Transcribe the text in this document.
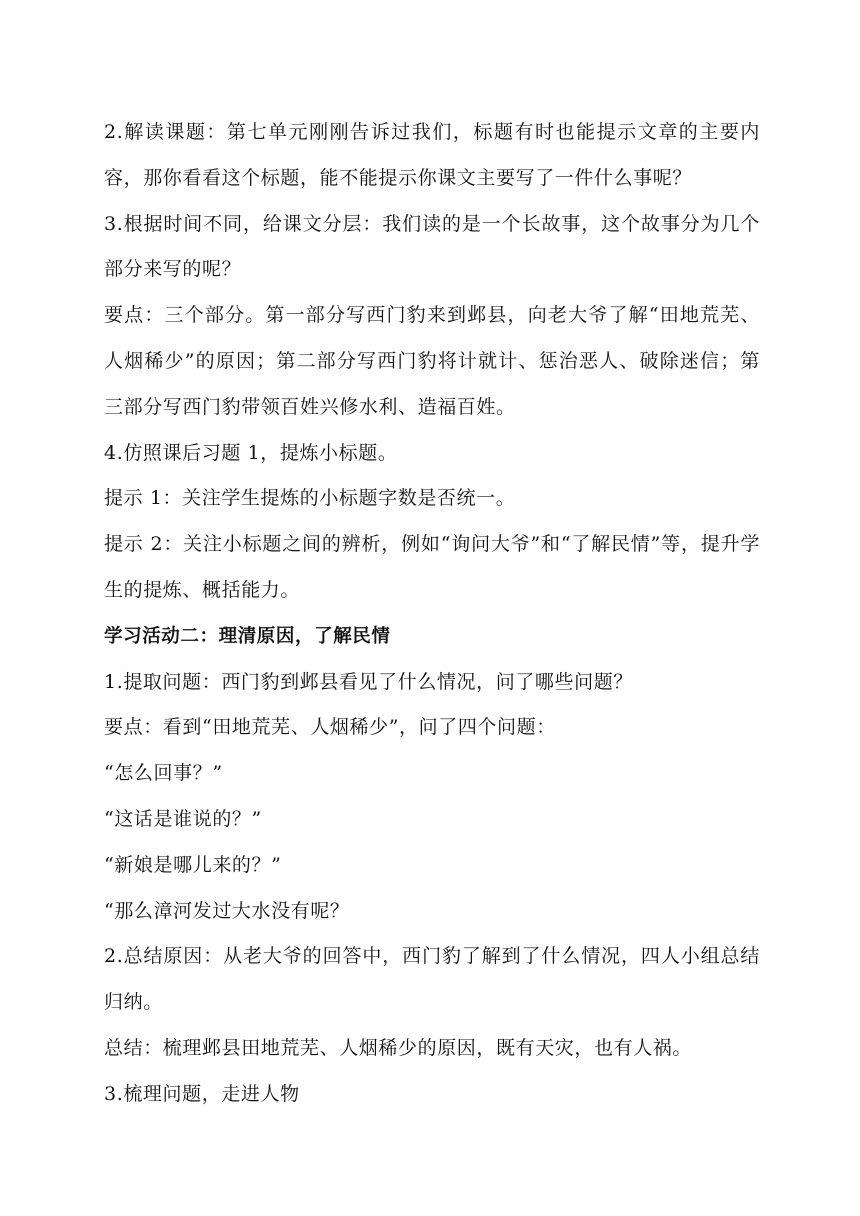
2.解读课题：第七单元刚刚告诉过我们，标题有时也能提示文章的主要内容，那你看看这个标题，能不能提示你课文主要写了一件什么事呢？

3.根据时间不同，给课文分层：我们读的是一个长故事，这个故事分为几个部分来写的呢？

要点：三个部分。第一部分写西门豹来到邺县，向老大爷了解“田地荒芜、人烟稀少”的原因；第二部分写西门豹将计就计、惩治恶人、破除迷信；第三部分写西门豹带领百姓兴修水利、造福百姓。

4.仿照课后习题 1，提炼小标题。

提示 1：关注学生提炼的小标题字数是否统一。

提示 2：关注小标题之间的辨析，例如“询问大爷”和“了解民情”等，提升学生的提炼、概括能力。

学习活动二：理清原因，了解民情

1.提取问题：西门豹到邺县看见了什么情况，问了哪些问题？

要点：看到“田地荒芜、人烟稀少”，问了四个问题：

“怎么回事？”

“这话是谁说的？”

“新娘是哪儿来的？”

“那么漳河发过大水没有呢？

2.总结原因：从老大爷的回答中，西门豹了解到了什么情况，四人小组总结归纳。

总结：梳理邺县田地荒芜、人烟稀少的原因，既有天灾，也有人祸。

3.梳理问题，走进人物
